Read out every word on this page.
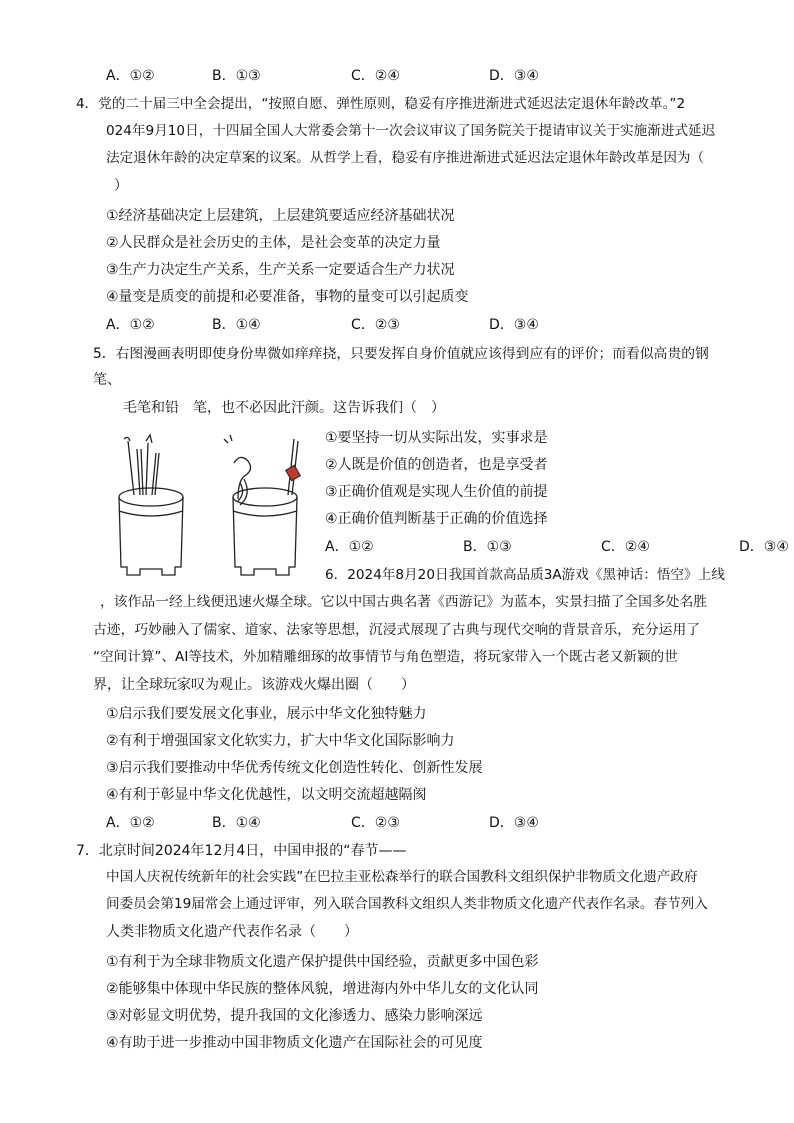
A．①②	B．①③	C．②④	D．③④
4．党的二十届三中全会提出，“按照自愿、弹性原则，稳妥有序推进渐进式延迟法定退休年龄改革。”2
024年9月10日，十四届全国人大常委会第十一次会议审议了国务院关于提请审议关于实施渐进式延迟
法定退休年龄的决定草案的议案。从哲学上看，稳妥有序推进渐进式延迟法定退休年龄改革是因为（
）
①经济基础决定上层建筑，上层建筑要适应经济基础状况
②人民群众是社会历史的主体，是社会变革的决定力量
③生产力决定生产关系，生产关系一定要适合生产力状况
④量变是质变的前提和必要准备，事物的量变可以引起质变
A．①②	B．①④	C．②③	D．③④
5．右图漫画表明即使身份卑微如痒痒挠，只要发挥自身价值就应该得到应有的评价；而看似高贵的钢
笔、
毛笔和铅　笔，也不必因此汗颜。这告诉我们（　）
①要坚持一切从实际出发，实事求是
②人既是价值的创造者，也是享受者
③正确价值观是实现人生价值的前提
④正确价值判断基于正确的价值选择
A．①②	B．①③	C．②④	D．③④
6．2024年8月20日我国首款高品质3A游戏《黑神话：悟空》上线
，该作品一经上线便迅速火爆全球。它以中国古典名著《西游记》为蓝本，实景扫描了全国多处名胜
古迹，巧妙融入了儒家、道家、法家等思想，沉浸式展现了古典与现代交响的背景音乐，充分运用了
“空间计算”、AI等技术，外加精雕细琢的故事情节与角色塑造，将玩家带入一个既古老又新颖的世
界，让全球玩家叹为观止。该游戏火爆出圈（　　）
①启示我们要发展文化事业，展示中华文化独特魅力
②有利于增强国家文化软实力，扩大中华文化国际影响力
③启示我们要推动中华优秀传统文化创造性转化、创新性发展
④有利于彰显中华文化优越性，以文明交流超越隔阂
A．①②	B．①④	C．②③	D．③④
7．北京时间2024年12月4日，中国申报的“春节——
中国人庆祝传统新年的社会实践”在巴拉圭亚松森举行的联合国教科文组织保护非物质文化遗产政府
间委员会第19届常会上通过评审，列入联合国教科文组织人类非物质文化遗产代表作名录。春节列入
人类非物质文化遗产代表作名录（　　）
①有利于为全球非物质文化遗产保护提供中国经验，贡献更多中国色彩
②能够集中体现中华民族的整体风貌，增进海内外中华儿女的文化认同
③对彰显文明优势，提升我国的文化渗透力、感染力影响深远
④有助于进一步推动中国非物质文化遗产在国际社会的可见度
